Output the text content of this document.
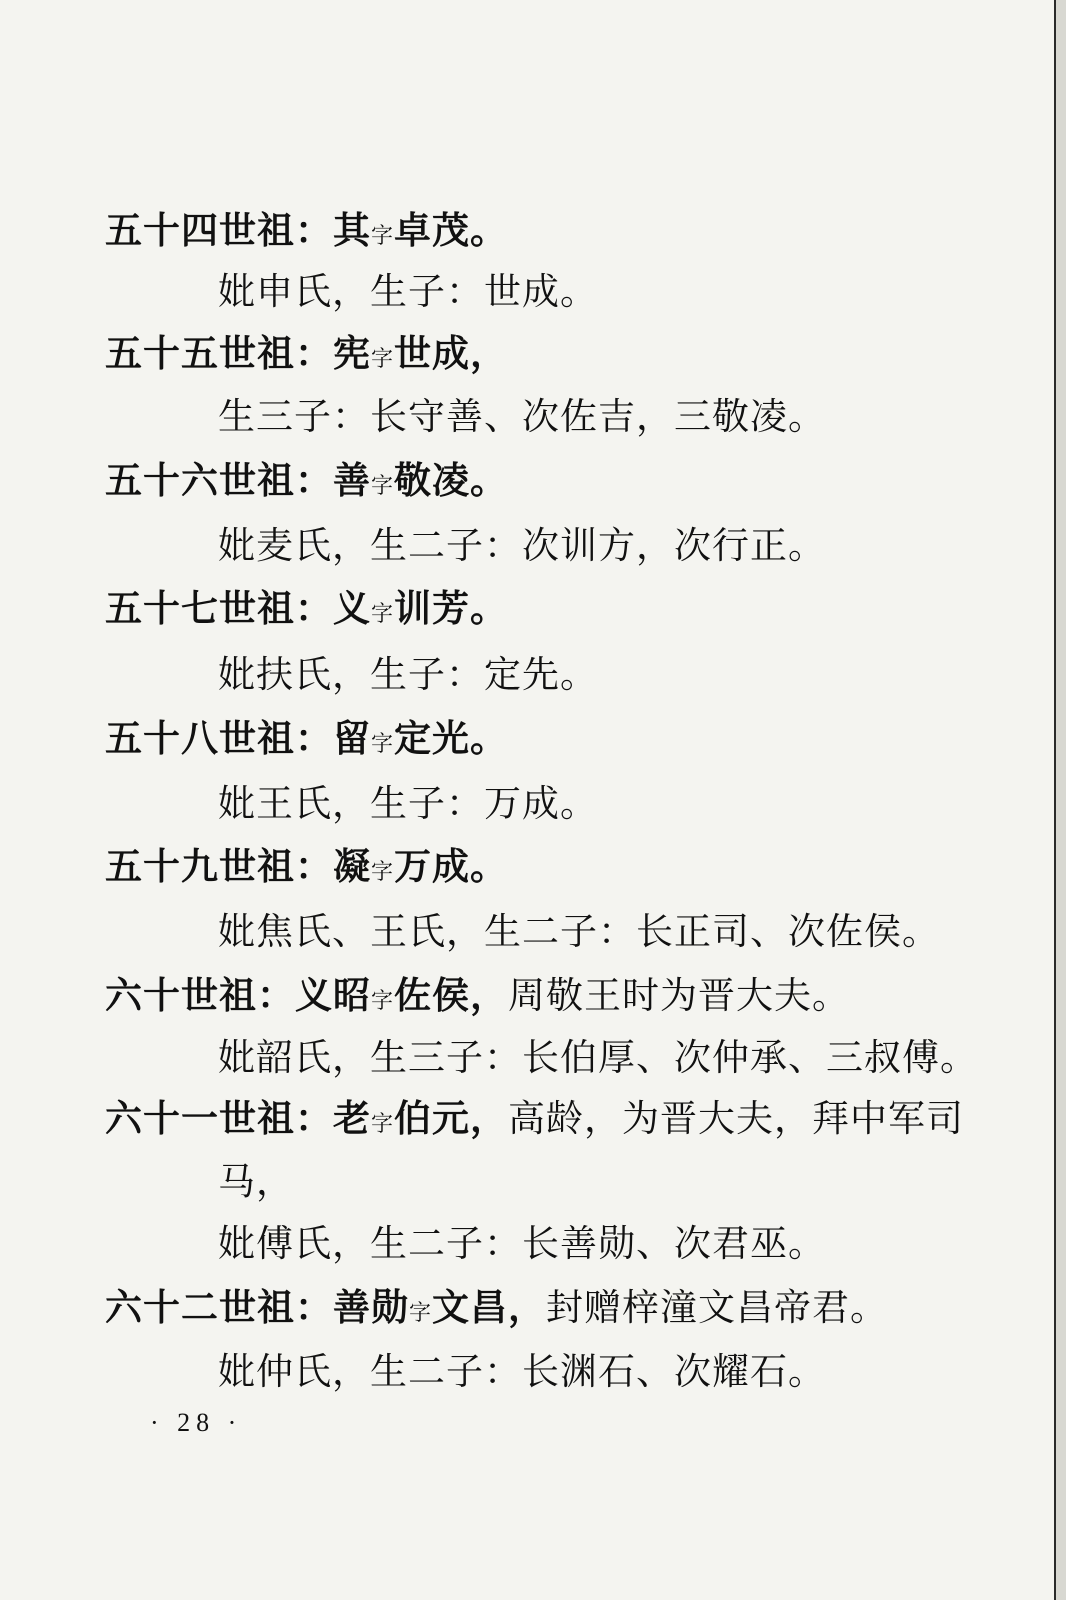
五十四世祖：其字卓茂。
妣申氏，生子：世成。
五十五世祖：宪字世成，
生三子：长守善、次佐吉，三敬凌。
五十六世祖：善字敬凌。
妣麦氏，生二子：次训方，次行正。
五十七世祖：义字训芳。
妣扶氏，生子：定先。
五十八世祖：留字定光。
妣王氏，生子：万成。
五十九世祖：凝字万成。
妣焦氏、王氏，生二子：长正司、次佐侯。
六十世祖：义昭字佐侯，周敬王时为晋大夫。
妣韶氏，生三子：长伯厚、次仲承、三叔傅。
六十一世祖：老字伯元，高龄，为晋大夫，拜中军司
马，
妣傅氏，生二子：长善勋、次君巫。
六十二世祖：善勋字文昌，封赠梓潼文昌帝君。
妣仲氏，生二子：长渊石、次耀石。
· 28 ·
